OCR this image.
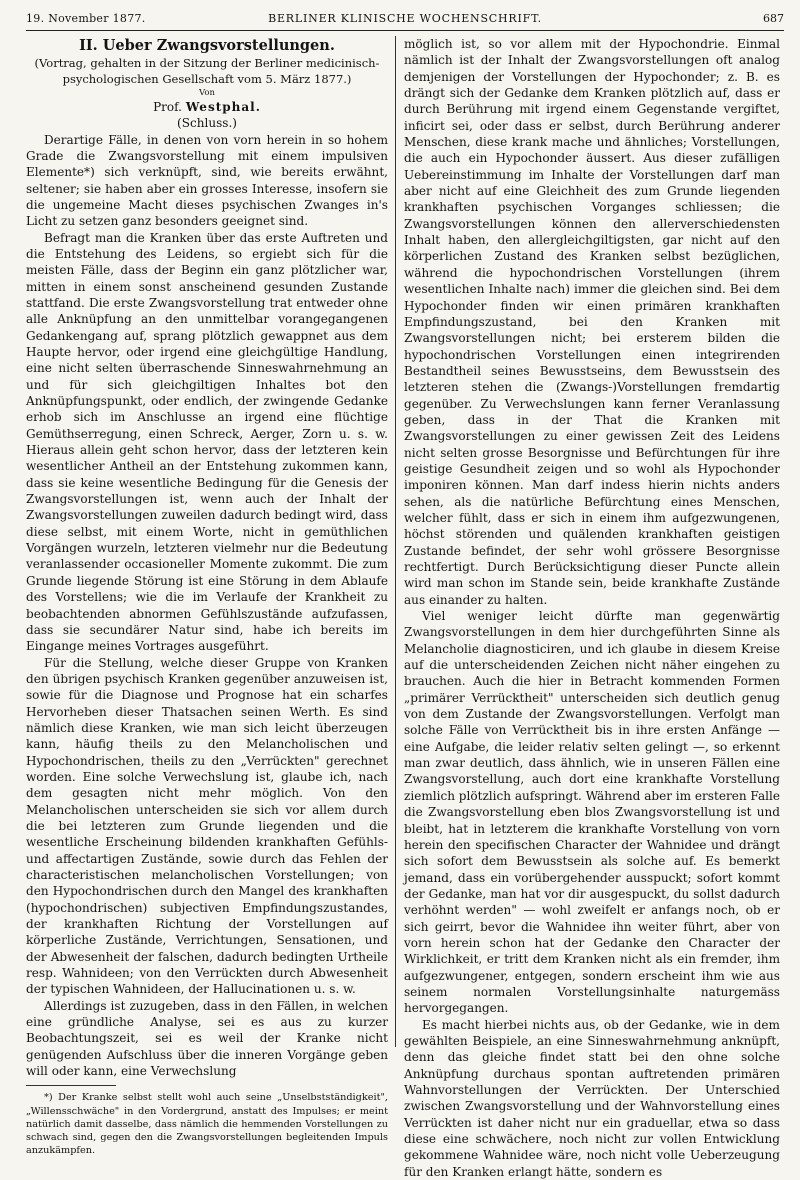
19. November 1877.	BERLINER KLINISCHE WOCHENSCHRIFT.	687
II. Ueber Zwangsvorstellungen.

(Vortrag, gehalten in der Sitzung der Berliner medicinisch-psychologischen Gesellschaft vom 5. März 1877.)

Von

Prof. Westphal.

(Schluss.)

Derartige Fälle, in denen von vorn herein in so hohem Grade die Zwangsvorstellung mit einem impulsiven Elemente*) sich verknüpft, sind, wie bereits erwähnt, seltener; sie haben aber ein grosses Interesse, insofern sie die ungemeine Macht dieses psychischen Zwanges in's Licht zu setzen ganz besonders geeignet sind.

Befragt man die Kranken über das erste Auftreten und die Entstehung des Leidens, so ergiebt sich für die meisten Fälle, dass der Beginn ein ganz plötzlicher war, mitten in einem sonst anscheinend gesunden Zustande stattfand. Die erste Zwangsvorstellung trat entweder ohne alle Anknüpfung an den unmittelbar vorangegangenen Gedankengang auf, sprang plötzlich gewappnet aus dem Haupte hervor, oder irgend eine gleichgültige Handlung, eine nicht selten überraschende Sinneswahrnehmung an und für sich gleichgiltigen Inhaltes bot den Anknüpfungspunkt, oder endlich, der zwingende Gedanke erhob sich im Anschlusse an irgend eine flüchtige Gemüthserregung, einen Schreck, Aerger, Zorn u. s. w. Hieraus allein geht schon hervor, dass der letzteren kein wesentlicher Antheil an der Entstehung zukommen kann, dass sie keine wesentliche Bedingung für die Genesis der Zwangsvorstellungen ist, wenn auch der Inhalt der Zwangsvorstellungen zuweilen dadurch bedingt wird, dass diese selbst, mit einem Worte, nicht in gemüthlichen Vorgängen wurzeln, letzteren vielmehr nur die Bedeutung veranlassender occasioneller Momente zukommt. Die zum Grunde liegende Störung ist eine Störung in dem Ablaufe des Vorstellens; wie die im Verlaufe der Krankheit zu beobachtenden abnormen Gefühlszustände aufzufassen, dass sie secundärer Natur sind, habe ich bereits im Eingange meines Vortrages ausgeführt.

Für die Stellung, welche dieser Gruppe von Kranken den übrigen psychisch Kranken gegenüber anzuweisen ist, sowie für die Diagnose und Prognose hat ein scharfes Hervorheben dieser Thatsachen seinen Werth. Es sind nämlich diese Kranken, wie man sich leicht überzeugen kann, häufig theils zu den Melancholischen und Hypochondrischen, theils zu den „Verrückten" gerechnet worden. Eine solche Verwechslung ist, glaube ich, nach dem gesagten nicht mehr möglich. Von den Melancholischen unterscheiden sie sich vor allem durch die bei letzteren zum Grunde liegenden und die wesentliche Erscheinung bildenden krankhaften Gefühls- und affectartigen Zustände, sowie durch das Fehlen der characteristischen melancholischen Vorstellungen; von den Hypochondrischen durch den Mangel des krankhaften (hypochondrischen) subjectiven Empfindungszustandes, der krankhaften Richtung der Vorstellungen auf körperliche Zustände, Verrichtungen, Sensationen, und der Abwesenheit der falschen, dadurch bedingten Urtheile resp. Wahnideen; von den Verrückten durch Abwesenheit der typischen Wahnideen, der Hallucinationen u. s. w.

Allerdings ist zuzugeben, dass in den Fällen, in welchen eine gründliche Analyse, sei es aus zu kurzer Beobachtungszeit, sei es weil der Kranke nicht genügenden Aufschluss über die inneren Vorgänge geben will oder kann, eine Verwechslung

*) Der Kranke selbst stellt wohl auch seine „Unselbstständigkeit", „Willensschwäche" in den Vordergrund, anstatt des Impulses; er meint natürlich damit dasselbe, dass nämlich die hemmenden Vorstellungen zu schwach sind, gegen den die Zwangsvorstellungen begleitenden Impuls anzukämpfen.

möglich ist, so vor allem mit der Hypochondrie. Einmal nämlich ist der Inhalt der Zwangsvorstellungen oft analog demjenigen der Vorstellungen der Hypochonder; z. B. es drängt sich der Gedanke dem Kranken plötzlich auf, dass er durch Berührung mit irgend einem Gegenstande vergiftet, inficirt sei, oder dass er selbst, durch Berührung anderer Menschen, diese krank mache und ähnliches; Vorstellungen, die auch ein Hypochonder äussert. Aus dieser zufälligen Uebereinstimmung im Inhalte der Vorstellungen darf man aber nicht auf eine Gleichheit des zum Grunde liegenden krankhaften psychischen Vorganges schliessen; die Zwangsvorstellungen können den allerverschiedensten Inhalt haben, den allergleichgiltigsten, gar nicht auf den körperlichen Zustand des Kranken selbst bezüglichen, während die hypochondrischen Vorstellungen (ihrem wesentlichen Inhalte nach) immer die gleichen sind. Bei dem Hypochonder finden wir einen primären krankhaften Empfindungszustand, bei den Kranken mit Zwangsvorstellungen nicht; bei ersterem bilden die hypochondrischen Vorstellungen einen integrirenden Bestandtheil seines Bewusstseins, dem Bewusstsein des letzteren stehen die (Zwangs-)Vorstellungen fremdartig gegenüber. Zu Verwechslungen kann ferner Veranlassung geben, dass in der That die Kranken mit Zwangsvorstellungen zu einer gewissen Zeit des Leidens nicht selten grosse Besorgnisse und Befürchtungen für ihre geistige Gesundheit zeigen und so wohl als Hypochonder imponiren können. Man darf indess hierin nichts anders sehen, als die natürliche Befürchtung eines Menschen, welcher fühlt, dass er sich in einem ihm aufgezwungenen, höchst störenden und quälenden krankhaften geistigen Zustande befindet, der sehr wohl grössere Besorgnisse rechtfertigt. Durch Berücksichtigung dieser Puncte allein wird man schon im Stande sein, beide krankhafte Zustände aus einander zu halten.

Viel weniger leicht dürfte man gegenwärtig Zwangsvorstellungen in dem hier durchgeführten Sinne als Melancholie diagnosticiren, und ich glaube in diesem Kreise auf die unterscheidenden Zeichen nicht näher eingehen zu brauchen. Auch die hier in Betracht kommenden Formen „primärer Verrücktheit" unterscheiden sich deutlich genug von dem Zustande der Zwangsvorstellungen. Verfolgt man solche Fälle von Verrücktheit bis in ihre ersten Anfänge — eine Aufgabe, die leider relativ selten gelingt —, so erkennt man zwar deutlich, dass ähnlich, wie in unseren Fällen eine Zwangsvorstellung, auch dort eine krankhafte Vorstellung ziemlich plötzlich aufspringt. Während aber im ersteren Falle die Zwangsvorstellung eben blos Zwangsvorstellung ist und bleibt, hat in letzterem die krankhafte Vorstellung von vorn herein den specifischen Character der Wahnidee und drängt sich sofort dem Bewusstsein als solche auf. Es bemerkt jemand, dass ein vorübergehender ausspuckt; sofort kommt der Gedanke, man hat vor dir ausgespuckt, du sollst dadurch verhöhnt werden" — wohl zweifelt er anfangs noch, ob er sich geirrt, bevor die Wahnidee ihn weiter führt, aber von vorn herein schon hat der Gedanke den Character der Wirklichkeit, er tritt dem Kranken nicht als ein fremder, ihm aufgezwungener, entgegen, sondern erscheint ihm wie aus seinem normalen Vorstellungsinhalte naturgemäss hervorgegangen.

Es macht hierbei nichts aus, ob der Gedanke, wie in dem gewählten Beispiele, an eine Sinneswahrnehmung anknüpft, denn das gleiche findet statt bei den ohne solche Anknüpfung durchaus spontan auftretenden primären Wahnvorstellungen der Verrückten. Der Unterschied zwischen Zwangsvorstellung und der Wahnvorstellung eines Verrückten ist daher nicht nur ein graduellar, etwa so dass diese eine schwächere, noch nicht zur vollen Entwicklung gekommene Wahnidee wäre, noch nicht volle Ueberzeugung für den Kranken erlangt hätte, sondern es
